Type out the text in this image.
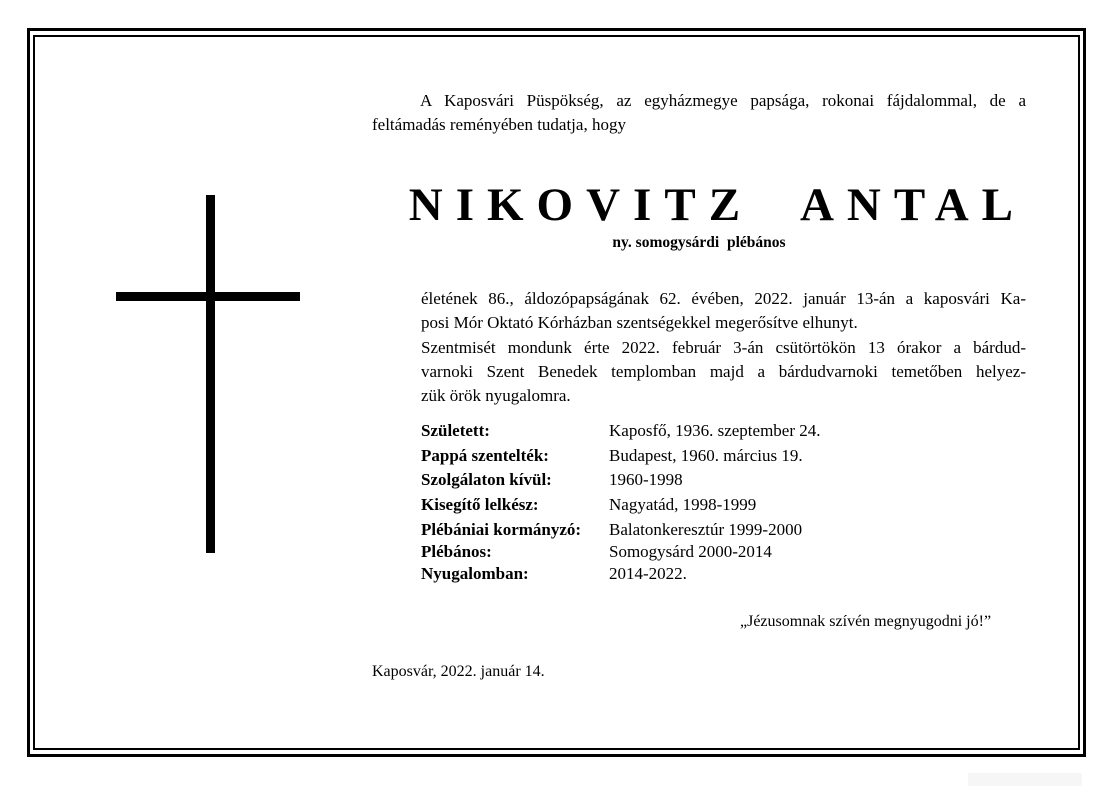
A Kaposvári Püspökség, az egyházmegye papsága, rokonai fájdalommal, de a feltámadás reményében tudatja, hogy

NIKOVITZ  ANTAL

ny. somogysárdi  plébános

életének 86., áldozópapságának 62. évében, 2022. január 13-án a kaposvári Ka-

posi Mór Oktató Kórházban szentségekkel megerősítve elhunyt.

Szentmisét mondunk érte 2022. február 3-án csütörtökön 13 órakor a bárdud-

varnoki Szent Benedek templomban majd a bárdudvarnoki temetőben helyez-

zük örök nyugalomra.

Született:	Kaposfő, 1936. szeptember 24.
Pappá szentelték:	Budapest, 1960. március 19.
Szolgálaton kívül:	1960-1998
Kisegítő lelkész:	Nagyatád, 1998-1999
Plébániai kormányzó: Balatonkeresztúr 1999-2000
Plébános:	Somogysárd 2000-2014
Nyugalomban:	2014-2022.
„Jézusomnak szívén megnyugodni jó!”
Kaposvár, 2022. január 14.
